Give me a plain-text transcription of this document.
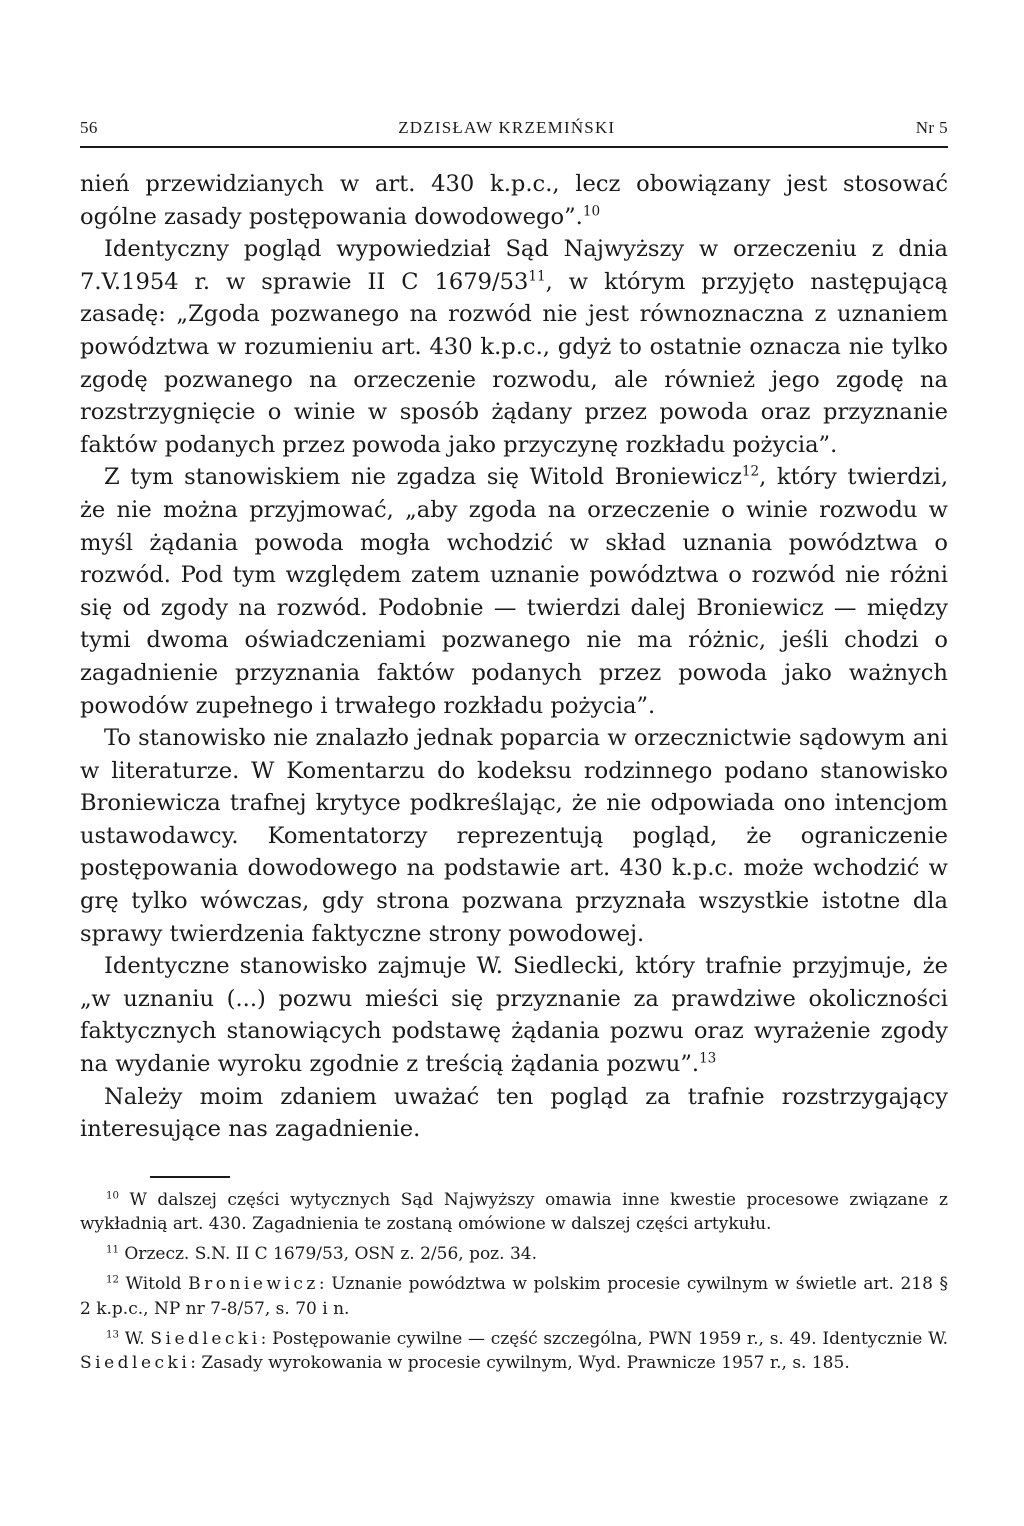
56	ZDZISŁAW KRZEMIŃSKI	Nr 5

nień przewidzianych w art. 430 k.p.c., lecz obowiązany jest stosować ogólne zasady postępowania dowodowego”.$^{10}$

Identyczny pogląd wypowiedział Sąd Najwyższy w orzeczeniu z dnia 7.V.1954 r. w sprawie II C $1679/53^{11}$, w którym przyjęto następującą zasadę: „Zgoda pozwanego na rozwód nie jest równoznaczna z uznaniem powództwa w rozumieniu art. 430 k.p.c., gdyż to ostatnie oznacza nie tylko zgodę pozwanego na orzeczenie rozwodu, ale również jego zgodę na rozstrzygnięcie o winie w sposób żądany przez powoda oraz przyznanie faktów podanych przez powoda jako przyczynę rozkładu pożycia”.

Z tym stanowiskiem nie zgadza się Witold Broniewicz$^{12}$, który twierdzi, że nie można przyjmować, „aby zgoda na orzeczenie o winie rozwodu w myśl żądania powoda mogła wchodzić w skład uznania powództwa o rozwód. Pod tym względem zatem uznanie powództwa o rozwód nie różni się od zgody na rozwód. Podobnie — twierdzi dalej Broniewicz — między tymi dwoma oświadczeniami pozwanego nie ma różnic, jeśli chodzi o zagadnienie przyznania faktów podanych przez powoda jako ważnych powodów zupełnego i trwałego rozkładu pożycia”.

To stanowisko nie znalazło jednak poparcia w orzecznictwie sądowym ani w literaturze. W Komentarzu do kodeksu rodzinnego podano stanowisko Broniewicza trafnej krytyce podkreślając, że nie odpowiada ono intencjom ustawodawcy. Komentatorzy reprezentują pogląd, że ograniczenie postępowania dowodowego na podstawie art. 430 k.p.c. może wchodzić w grę tylko wówczas, gdy strona pozwana przyznała wszystkie istotne dla sprawy twierdzenia faktyczne strony powodowej.

Identyczne stanowisko zajmuje W. Siedlecki, który trafnie przyjmuje, że „w uznaniu (...) pozwu mieści się przyznanie za prawdziwe okoliczności faktycznych stanowiących podstawę żądania pozwu oraz wyrażenie zgody na wydanie wyroku zgodnie z treścią żądania pozwu”.$^{13}$

Należy moim zdaniem uważać ten pogląd za trafnie rozstrzygający interesujące nas zagadnienie.

$^{10}$ W dalszej części wytycznych Sąd Najwyższy omawia inne kwestie procesowe związane z wykładnią art. 430. Zagadnienia te zostaną omówione w dalszej części artykułu.

$^{11}$ Orzecz. S.N. II C 1679/53, OSN z. 2/56, poz. 34.

$^{12}$ Witold Broniewicz: Uznanie powództwa w polskim procesie cywilnym w świetle art. 218 § 2 k.p.c., NP nr 7-8/57, s. 70 i n.

$^{13}$ W. Siedlecki: Postępowanie cywilne — część szczególna, PWN 1959 r., s. 49. Identycznie W. Siedlecki: Zasady wyrokowania w procesie cywilnym, Wyd. Prawnicze 1957 r., s. 185.
